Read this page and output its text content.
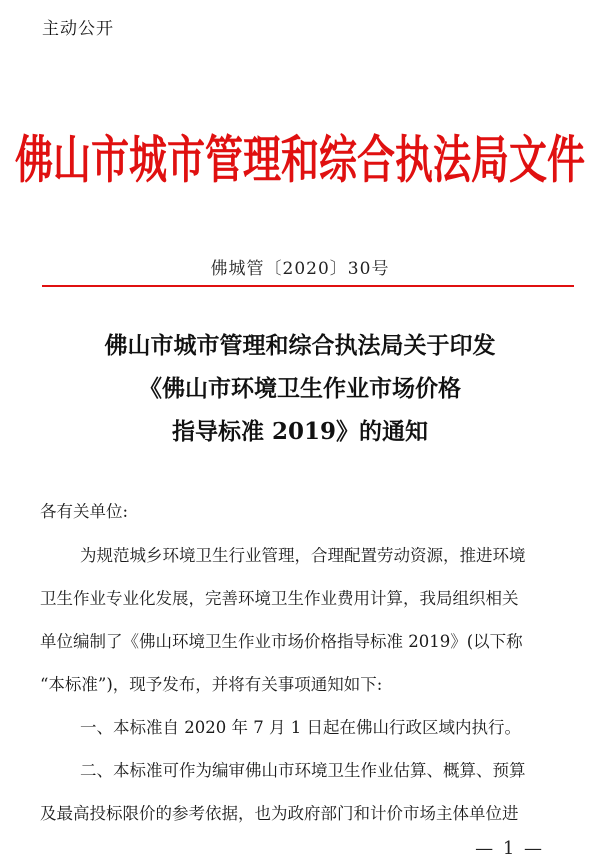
主动公开
佛山市城市管理和综合执法局文件
佛城管〔2020〕30号
佛山市城市管理和综合执法局关于印发
《佛山市环境卫生作业市场价格
指导标准 2019》的通知
各有关单位:
为规范城乡环境卫生行业管理，合理配置劳动资源，推进环境
卫生作业专业化发展，完善环境卫生作业费用计算，我局组织相关
单位编制了《佛山环境卫生作业市场价格指导标准 2019》(以下称
“本标准”)，现予发布，并将有关事项通知如下:
一、本标准自 2020 年 7 月 1 日起在佛山行政区域内执行。
二、本标准可作为编审佛山市环境卫生作业估算、概算、预算
及最高投标限价的参考依据，也为政府部门和计价市场主体单位进
— 1 —
